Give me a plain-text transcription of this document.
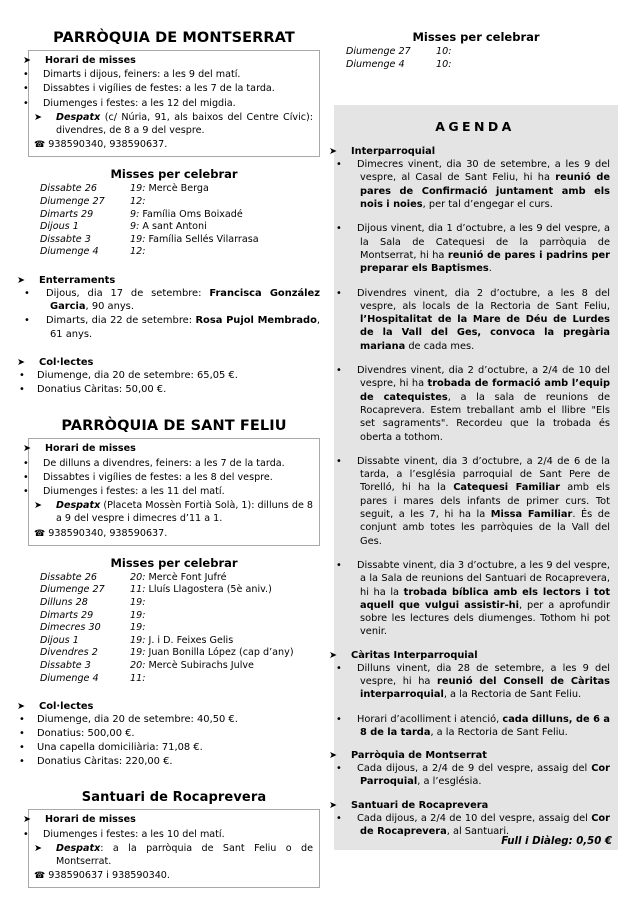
PARRÒQUIA DE MONTSERRAT

➤ Horari de misses

• Dimarts i dijous, feiners: a les 9 del matí.

• Dissabtes i vigílies de festes: a les 7 de la tarda.

• Diumenges i festes: a les 12 del migdia.

➤ Despatx (c/ Núria, 91, als baixos del Centre Cívic): divendres, de 8 a 9 del vespre.

☎ 938590340, 938590637.

Misses per celebrar
Dissabte 26	19: Mercè Berga
Diumenge 27	12:
Dimarts 29	9: Família Oms Boixadé
Dijous 1	9: A sant Antoni
Dissabte 3	19: Família Sellés Vilarrasa
Diumenge 4	12:

➤ Enterraments

• Dijous, dia 17 de setembre: Francisca González Garcia, 90 anys.

• Dimarts, dia 22 de setembre: Rosa Pujol Membrado, 61 anys.

➤ Col·lectes

• Diumenge, dia 20 de setembre: 65,05 €.

• Donatius Càritas: 50,00 €.

PARRÒQUIA DE SANT FELIU

➤ Horari de misses

• De dilluns a divendres, feiners: a les 7 de la tarda.

• Dissabtes i vigílies de festes: a les 8 del vespre.

• Diumenges i festes: a les 11 del matí.

➤ Despatx (Placeta Mossèn Fortià Solà, 1): dilluns de 8 a 9 del vespre i dimecres d’11 a 1.

☎ 938590340, 938590637.

Misses per celebrar
Dissabte 26	20: Mercè Font Jufré
Diumenge 27	11: Lluís Llagostera (5è aniv.)
Dilluns 28	19:
Dimarts 29	19:
Dimecres 30	19:
Dijous 1	19: J. i D. Feixes Gelis
Divendres 2	19: Juan Bonilla López (cap d’any)
Dissabte 3	20: Mercè Subirachs Julve
Diumenge 4	11:

➤ Col·lectes

• Diumenge, dia 20 de setembre: 40,50 €.

• Donatius: 500,00 €.

• Una capella domiciliària: 71,08 €.

• Donatius Càritas: 220,00 €.

Santuari de Rocaprevera

➤ Horari de misses

• Diumenges i festes: a les 10 del matí.

➤ Despatx: a la parròquia de Sant Feliu o de Montserrat.

☎ 938590637 i 938590340.

Misses per celebrar
Diumenge 27	10:
Diumenge 4	10:
AGENDA

➤ Interparroquial

• Dimecres vinent, dia 30 de setembre, a les 9 del vespre, al Casal de Sant Feliu, hi ha reunió de pares de Confirmació juntament amb els nois i noies, per tal d’engegar el curs.

• Dijous vinent, dia 1 d’octubre, a les 9 del vespre, a la Sala de Catequesi de la parròquia de Montserrat, hi ha reunió de pares i padrins per preparar els Baptismes.

• Divendres vinent, dia 2 d’octubre, a les 8 del vespre, als locals de la Rectoria de Sant Feliu, l’Hospitalitat de la Mare de Déu de Lurdes de la Vall del Ges, convoca la pregària mariana de cada mes.

• Divendres vinent, dia 2 d’octubre, a 2/4 de 10 del vespre, hi ha trobada de formació amb l’equip de catequistes, a la sala de reunions de Rocaprevera. Estem treballant amb el llibre "Els set sagraments". Recordeu que la trobada és oberta a tothom.

• Dissabte vinent, dia 3 d’octubre, a 2/4 de 6 de la tarda, a l’església parroquial de Sant Pere de Torelló, hi ha la Catequesi Familiar amb els pares i mares dels infants de primer curs. Tot seguit, a les 7, hi ha la Missa Familiar. És de conjunt amb totes les parròquies de la Vall del Ges.

• Dissabte vinent, dia 3 d’octubre, a les 9 del vespre, a la Sala de reunions del Santuari de Rocaprevera, hi ha la trobada bíblica amb els lectors i tot aquell que vulgui assistir-hi, per a aprofundir sobre les lectures dels diumenges. Tothom hi pot venir.

➤ Càritas Interparroquial

• Dilluns vinent, dia 28 de setembre, a les 9 del vespre, hi ha reunió del Consell de Càritas interparroquial, a la Rectoria de Sant Feliu.

• Horari d’acolliment i atenció, cada dilluns, de 6 a 8 de la tarda, a la Rectoria de Sant Feliu.

➤ Parròquia de Montserrat

• Cada dijous, a 2/4 de 9 del vespre, assaig del Cor Parroquial, a l’església.

➤ Santuari de Rocaprevera

• Cada dijous, a 2/4 de 10 del vespre, assaig del Cor de Rocaprevera, al Santuari.

Full i Diàleg: 0,50 €
